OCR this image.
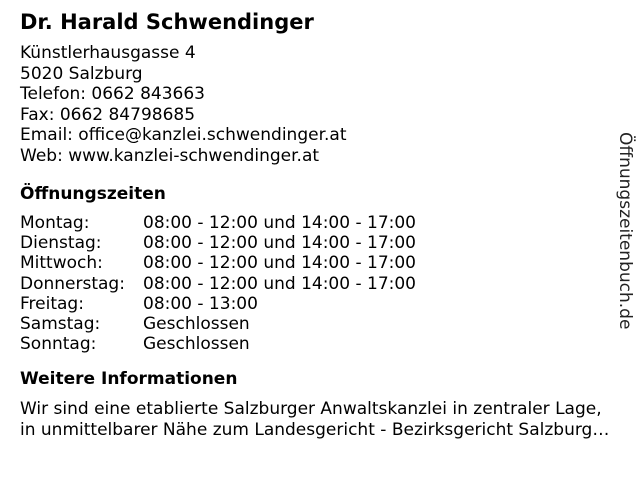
Dr. Harald Schwendinger
Künstlerhausgasse 4
5020 Salzburg
Telefon: 0662 843663
Fax: 0662 84798685
Email: office@kanzlei.schwendinger.at
Web: www.kanzlei-schwendinger.at
Öffnungszeiten
Montag:	08:00 - 12:00 und 14:00 - 17:00
Dienstag:	08:00 - 12:00 und 14:00 - 17:00
Mittwoch:	08:00 - 12:00 und 14:00 - 17:00
Donnerstag:	08:00 - 12:00 und 14:00 - 17:00
Freitag:	08:00 - 13:00
Samstag:	Geschlossen
Sonntag:	Geschlossen
Weitere Informationen
Wir sind eine etablierte Salzburger Anwaltskanzlei in zentraler Lage,
in unmittelbarer Nähe zum Landesgericht - Bezirksgericht Salzburg…
Öffnungszeitenbuch.de
